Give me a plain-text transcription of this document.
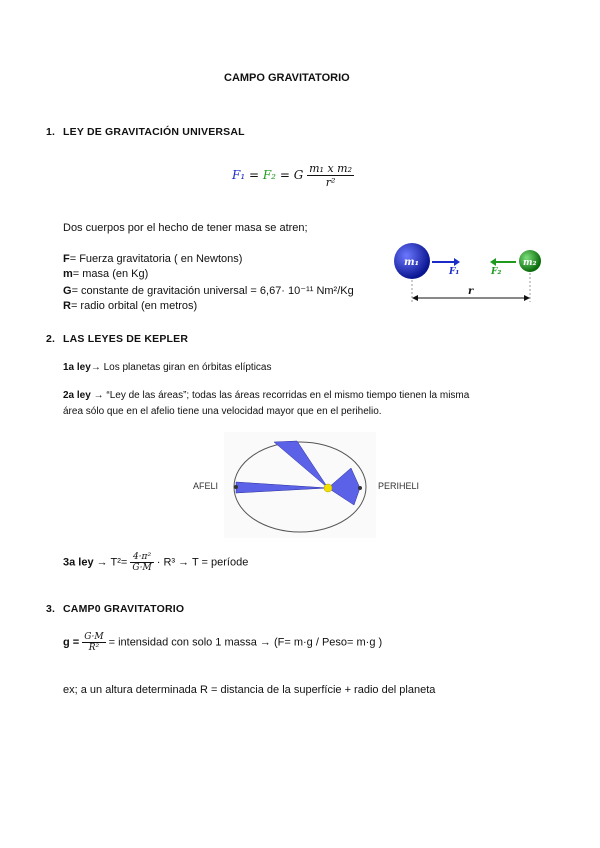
CAMPO GRAVITATORIO
1. LEY DE GRAVITACIÓN UNIVERSAL
F₁ = F₂ = G $\frac{\text{m₁ x m₂}}{\text{r²}}$
Dos cuerpos por el hecho de tener masa se atren;
F= Fuerza gravitatoria ( en Newtons)
m= masa (en Kg)
G= constante de gravitación universal = 6,67· 10⁻¹¹ Nm²/Kg
R= radio orbital (en metros)
m₁	m₂
F₁	F₂
r
2. LAS LEYES DE KEPLER
1a ley→ Los planetas giran en órbitas elípticas
2a ley → “Ley de las áreas”; todas las áreas recorridas en el mismo tiempo tienen la misma
área sólo que en el afelio tiene una velocidad mayor que en el perihelio.
AFELI	PERIHELI
3a ley → $T^2= \frac{\text{4·π²}}{G\cdot M} \cdot R^3 \to T$ = període
3. CAMP0 GRAVITATORIO
$g = \frac{G\cdot M}{\text{R²}}$ = intensidad con solo 1 massa → (F= m·g / Peso= m·g )
ex; a un altura determinada R = distancia de la superfície + radio del planeta
